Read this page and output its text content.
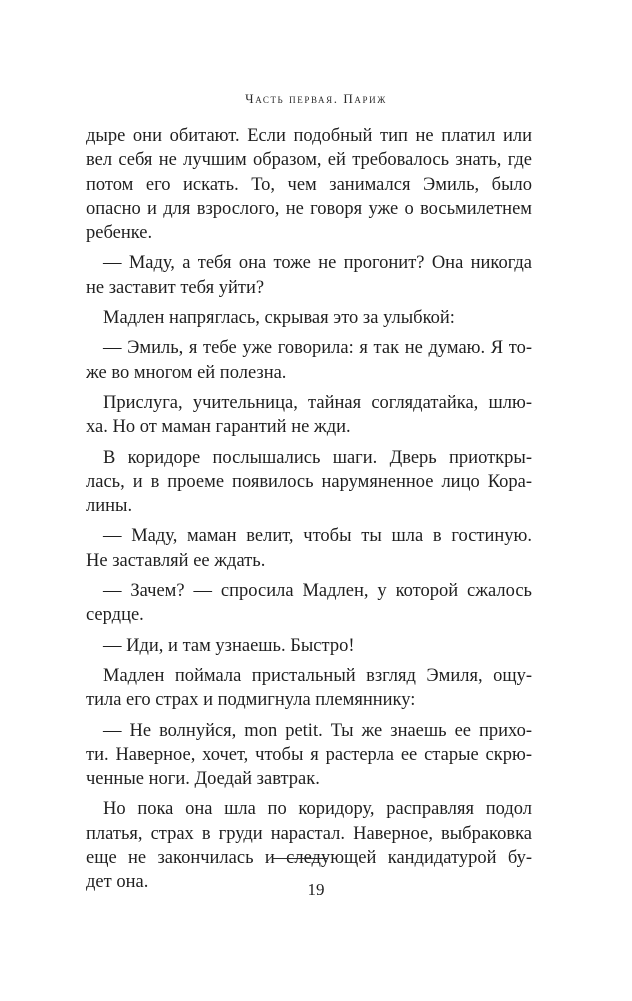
Часть первая. Париж

дыре они обитают. Если подобный тип не платил или
вел себя не лучшим образом, ей требовалось знать, где
потом его искать. То, чем занимался Эмиль, было
опасно и для взрослого, не говоря уже о восьмилетнем
ребенке.

— Маду, а тебя она тоже не прогонит? Она никогда
не заставит тебя уйти?

Мадлен напряглась, скрывая это за улыбкой:

— Эмиль, я тебе уже говорила: я так не думаю. Я то-
же во многом ей полезна.

Прислуга, учительница, тайная соглядатайка, шлю-
ха. Но от маман гарантий не жди.

В коридоре послышались шаги. Дверь приоткры-
лась, и в проеме появилось нарумяненное лицо Кора-
лины.

— Маду, маман велит, чтобы ты шла в гостиную.
Не заставляй ее ждать.

— Зачем? — спросила Мадлен, у которой сжалось
сердце.

— Иди, и там узнаешь. Быстро!

Мадлен поймала пристальный взгляд Эмиля, ощу-
тила его страх и подмигнула племяннику:

— Не волнуйся, mon petit. Ты же знаешь ее прихо-
ти. Наверное, хочет, чтобы я растерла ее старые скрю-
ченные ноги. Доедай завтрак.

Но пока она шла по коридору, расправляя подол
платья, страх в груди нарастал. Наверное, выбраковка
еще не закончилась и следующей кандидатурой бу-
дет она.	19
